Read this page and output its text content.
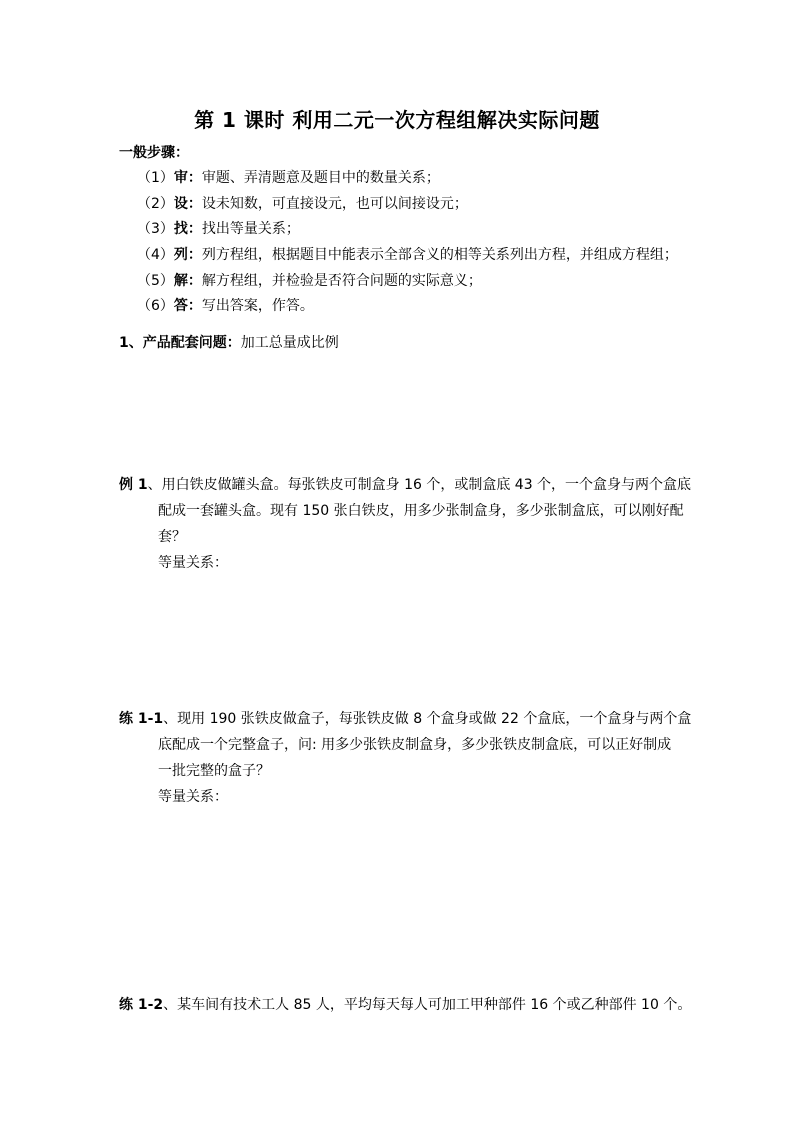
第 1 课时 利用二元一次方程组解决实际问题
一般步骤：
（1）审：审题、弄清题意及题目中的数量关系；
（2）设：设未知数，可直接设元，也可以间接设元；
（3）找：找出等量关系；
（4）列：列方程组，根据题目中能表示全部含义的相等关系列出方程，并组成方程组；
（5）解：解方程组，并检验是否符合问题的实际意义；
（6）答：写出答案，作答。
1、产品配套问题：加工总量成比例
例 1、用白铁皮做罐头盒。每张铁皮可制盒身 16 个，或制盒底 43 个，一个盒身与两个盒底
配成一套罐头盒。现有 150 张白铁皮，用多少张制盒身，多少张制盒底，可以刚好配
套？
等量关系：
练 1-1、现用 190 张铁皮做盒子，每张铁皮做 8 个盒身或做 22 个盒底，一个盒身与两个盒
底配成一个完整盒子，问: 用多少张铁皮制盒身，多少张铁皮制盒底，可以正好制成
一批完整的盒子？
等量关系：
练 1-2、某车间有技术工人 85 人，平均每天每人可加工甲种部件 16 个或乙种部件 10 个。
